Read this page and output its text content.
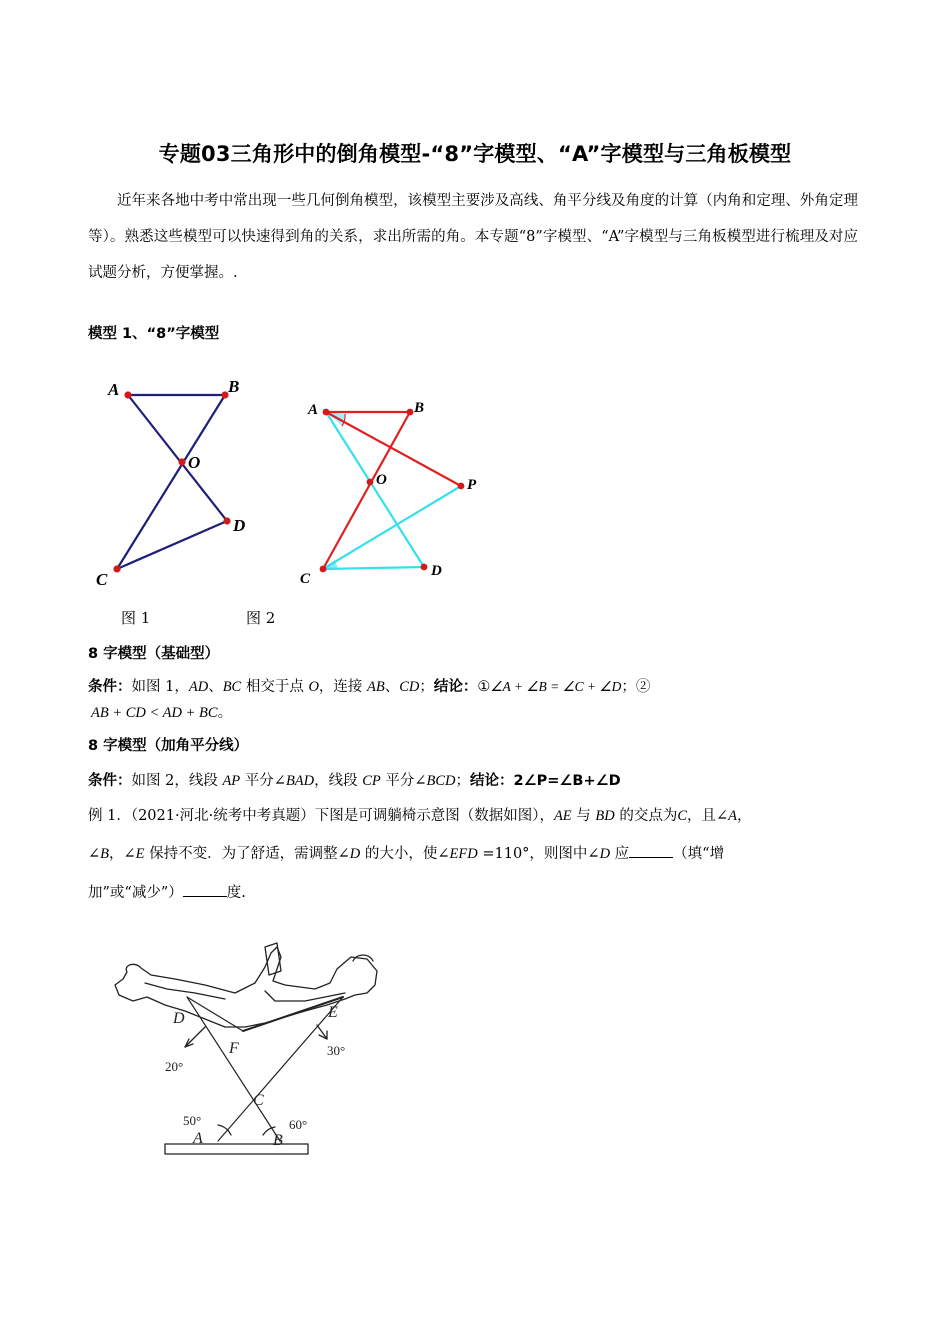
专题03三角形中的倒角模型-“8”字模型、“A”字模型与三角板模型
近年来各地中考中常出现一些几何倒角模型，该模型主要涉及高线、角平分线及角度的计算（内角和定理、外角定理等）。熟悉这些模型可以快速得到角的关系，求出所需的角。本专题“8”字模型、“A”字模型与三角板模型进行梳理及对应试题分析，方便掌握。.
模型 1、“8”字模型
A	B
O
C
D
A	B
O	P
C	D
图 1	图 2
8 字模型（基础型）
条件：如图 1，AD、BC 相交于点 O，连接 AB、CD；结论：①∠A + ∠B = ∠C + ∠D；②
AB + CD < AD + BC。
8 字模型（加角平分线）
条件：如图 2，线段 AP 平分∠BAD，线段 CP 平分∠BCD；结论：2∠P=∠B+∠D
例 1．（2021·河北·统考中考真题）下图是可调躺椅示意图（数据如图），AE 与 BD 的交点为C，且∠A，
∠B，∠E 保持不变．为了舒适，需调整∠D 的大小，使∠EFD =110°，则图中∠D 应	（填“增
加”或“减少”）	度.
D	E
F
C
A	B
20°
30°
50°	60°
